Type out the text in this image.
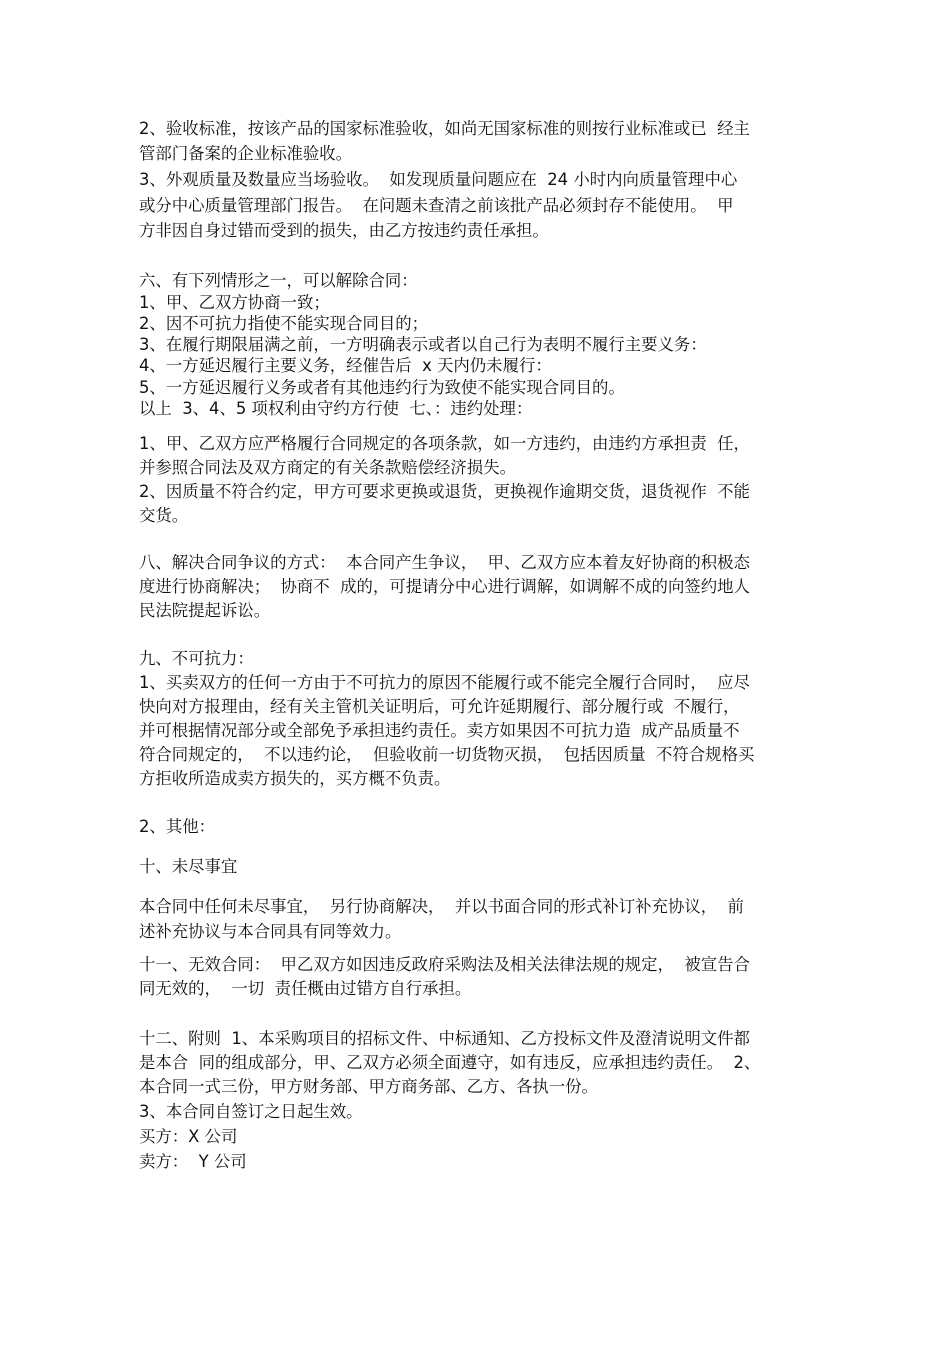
2、验收标准，按该产品的国家标准验收，如尚无国家标准的则按行业标准或已  经主
管部门备案的企业标准验收。
3、外观质量及数量应当场验收。  如发现质量问题应在  24 小时内向质量管理中心
或分中心质量管理部门报告。  在问题未查清之前该批产品必须封存不能使用。  甲
方非因自身过错而受到的损失，由乙方按违约责任承担。
六、有下列情形之一，可以解除合同：
1、甲、乙双方协商一致；
2、因不可抗力指使不能实现合同目的；
3、在履行期限届满之前，一方明确表示或者以自己行为表明不履行主要义务：
4、一方延迟履行主要义务，经催告后  x 天内仍未履行：
5、一方延迟履行义务或者有其他违约行为致使不能实现合同目的。
以上  3、4、5 项权利由守约方行使  七、：违约处理：
1、甲、乙双方应严格履行合同规定的各项条款，如一方违约，由违约方承担责  任，
并参照合同法及双方商定的有关条款赔偿经济损失。
2、因质量不符合约定，甲方可要求更换或退货，更换视作逾期交货，退货视作  不能
交货。
八、解决合同争议的方式：  本合同产生争议，  甲、乙双方应本着友好协商的积极态
度进行协商解决；  协商不  成的，可提请分中心进行调解，如调解不成的向签约地人
民法院提起诉讼。
九、不可抗力：
1、买卖双方的任何一方由于不可抗力的原因不能履行或不能完全履行合同时，  应尽
快向对方报理由，经有关主管机关证明后，可允许延期履行、部分履行或  不履行，
并可根据情况部分或全部免予承担违约责任。卖方如果因不可抗力造  成产品质量不
符合同规定的，  不以违约论，  但验收前一切货物灭损，  包括因质量  不符合规格买
方拒收所造成卖方损失的，买方概不负责。
2、其他：
十、未尽事宜
本合同中任何未尽事宜，  另行协商解决，  并以书面合同的形式补订补充协议，  前
述补充协议与本合同具有同等效力。
十一、无效合同：  甲乙双方如因违反政府采购法及相关法律法规的规定，  被宣告合
同无效的，  一切  责任概由过错方自行承担。
十二、附则  1、本采购项目的招标文件、中标通知、乙方投标文件及澄清说明文件都
是本合  同的组成部分，甲、乙双方必须全面遵守，如有违反，应承担违约责任。  2、
本合同一式三份，甲方财务部、甲方商务部、乙方、各执一份。
3、本合同自签订之日起生效。
买方：X 公司
卖方：  Y 公司
